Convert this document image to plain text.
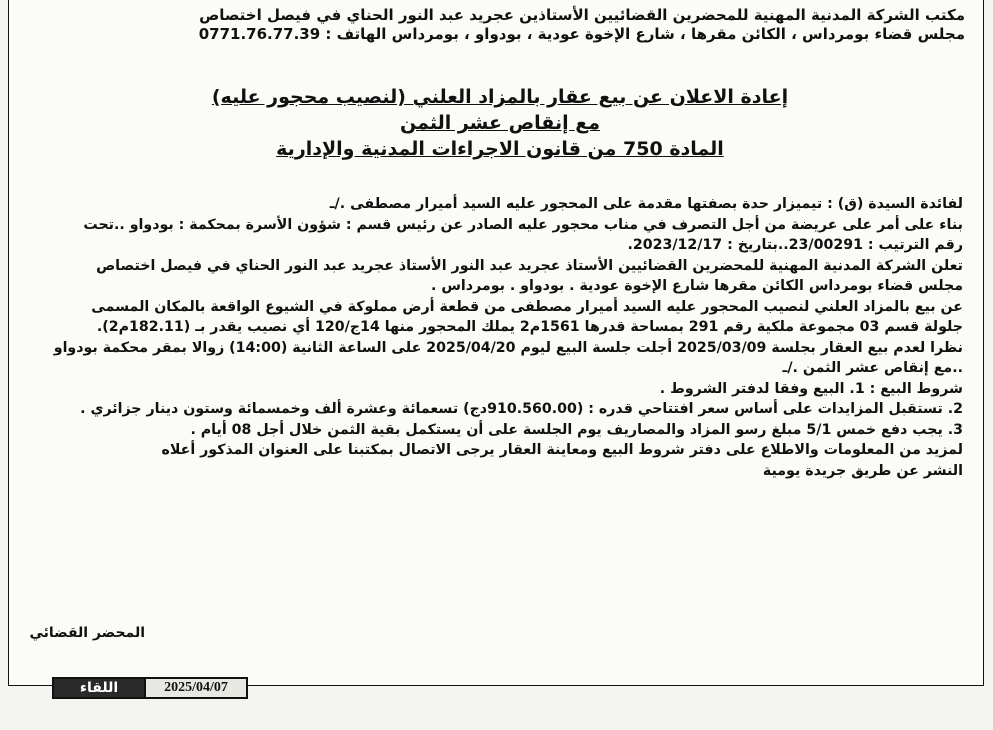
مكتب الشركة المدنية المهنية للمحضرين القضائيين الأستاذين عجريد عبد النور الحناي في فيصل اختصاص
مجلس قضاء بومرداس ، الكائن مقرها ، شارع الإخوة عودية ، بودواو ، بومرداس الهاتف : 0771.76.77.39
إعادة الاعلان عن بيع عقار بالمزاد العلني (لنصيب محجور عليه)
مع إنقاص عشر الثمن
المادة 750 من قانون الاجراءات المدنية والإدارية

لفائدة السيدة (ق) : تيميزار حدة بصفتها مقدمة على المحجور عليه السيد أميرار مصطفى ./ـ

بناء على أمر على عريضة من أجل التصرف في مناب محجور عليه الصادر عن رئيس قسم : شؤون الأسرة بمحكمة : بودواو ..تحت رقم الترتيب : 23/00291..بتاريخ : 2023/12/17.

تعلن الشركة المدنية المهنية للمحضرين القضائيين الأستاذ عجريد عبد النور الأستاذ عجريد عبد النور الحناي في فيصل اختصاص مجلس قضاء بومرداس الكائن مقرها شارع الإخوة عودية . بودواو . بومرداس .

عن بيع بالمزاد العلني لنصيب المحجور عليه السيد أميرار مصطفى من قطعة أرض مملوكة في الشيوع الواقعة بالمكان المسمى جلولة قسم 03 مجموعة ملكية رقم 291 بمساحة قدرها 1561م2 يملك المحجور منها 14ج/120 أي نصيب يقدر بـ (182.11م2).

نظرا لعدم بيع العقار بجلسة 2025/03/09 أجلت جلسة البيع ليوم 2025/04/20 على الساعة الثانية (14:00) زوالا بمقر محكمة بودواو ..مع إنقاص عشر الثمن ./ـ

شروط البيع : 1. البيع وفقا لدفتر الشروط .

2. تستقبل المزايدات على أساس سعر افتتاحي قدره : (910.560.00دج) تسعمائة وعشرة ألف وخمسمائة وستون دينار جزائري .

3. يجب دفع خمس 5/1 مبلغ رسو المزاد والمصاريف يوم الجلسة على أن يستكمل بقية الثمن خلال أجل 08 أيام .

لمزيد من المعلومات والاطلاع على دفتر شروط البيع ومعاينة العقار يرجى الاتصال بمكتبنا على العنوان المذكور أعلاه

النشر عن طريق جريدة يومية

المحضر القضائي
اللقاء	2025/04/07
